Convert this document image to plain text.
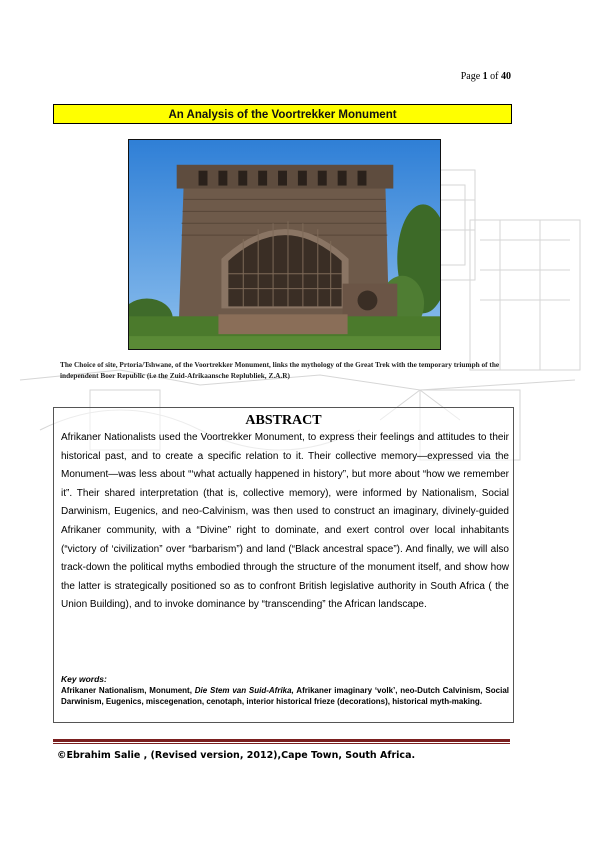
Page 1 of 40
An Analysis of the Voortrekker Monument
The Choice of site, Prtoria/Tshwane, of the Voortrekker Monument, links the mythology of the Great Trek with the temporary triumph of the independent Boer Republic (i.e the Zuid-Afrikaansche Replubliek, Z.A.R)
ABSTRACT
Afrikaner Nationalists used the Voortrekker Monument, to express their feelings and attitudes to their historical past, and to create a specific relation to it. Their collective memory—expressed via the Monument—was less about “‘what actually happened in history”, but more about “how we remember it”. Their shared interpretation (that is, collective memory), were informed by Nationalism, Social Darwinism, Eugenics, and neo-Calvinism, was then used to construct an imaginary, divinely-guided Afrikaner community, with a “Divine” right to dominate, and exert control over local inhabitants (“victory of ‘civilization” over “barbarism”) and land (“Black ancestral space”). And finally, we will also track-down the political myths embodied through the structure of the monument itself, and show how the latter is strategically positioned so as to confront British legislative authority in South Africa ( the Union Building), and to invoke dominance by “transcending” the African landscape.
Key words:
Afrikaner Nationalism, Monument, Die Stem van Suid-Afrika, Afrikaner imaginary ‘volk’, neo-Dutch Calvinism, Social Darwinism, Eugenics, miscegenation, cenotaph, interior historical frieze (decorations), historical myth-making.
©Ebrahim Salie , (Revised version, 2012),Cape Town, South Africa.
